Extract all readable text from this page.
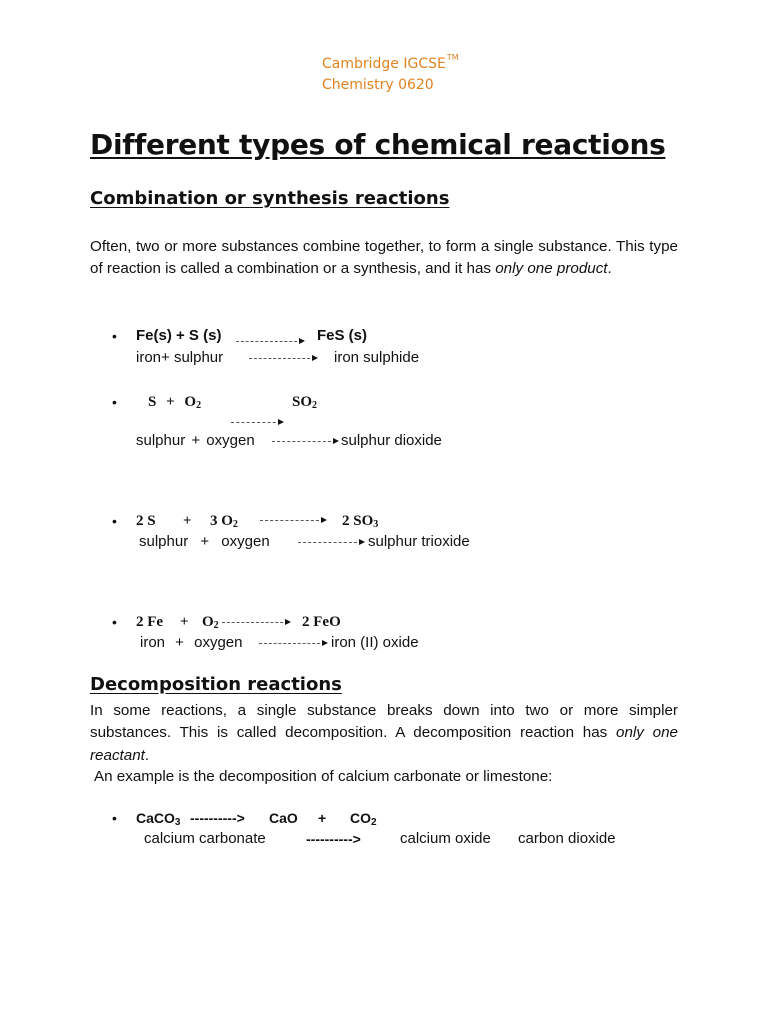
Cambridge IGCSE™
Chemistry 0620
Different types of chemical reactions
Combination or synthesis reactions
Often, two or more substances combine together, to form a single substance. This type of reaction is called a combination or a synthesis, and it has only one product.
• Fe(s) + S (s)	FeS (s)
iron+ sulphur	iron sulphide
• $S + O_2$	$SO_2$
sulphur + oxygen	sulphur dioxide
• 2 S + 3 $O_2$	2 $SO_3$
sulphur + oxygen	sulphur trioxide
• 2 $Fe + O_2$	2 FeO
iron + oxygen	iron (II) oxide
Decomposition reactions
In some reactions, a single substance breaks down into two or more simpler substances. This is called decomposition. A decomposition reaction has only one reactant.
An example is the decomposition of calcium carbonate or limestone:
• CaCO$_3$ ----------> CaO + $CO_2$
calcium carbonate	---------->	calcium oxide carbon dioxide
